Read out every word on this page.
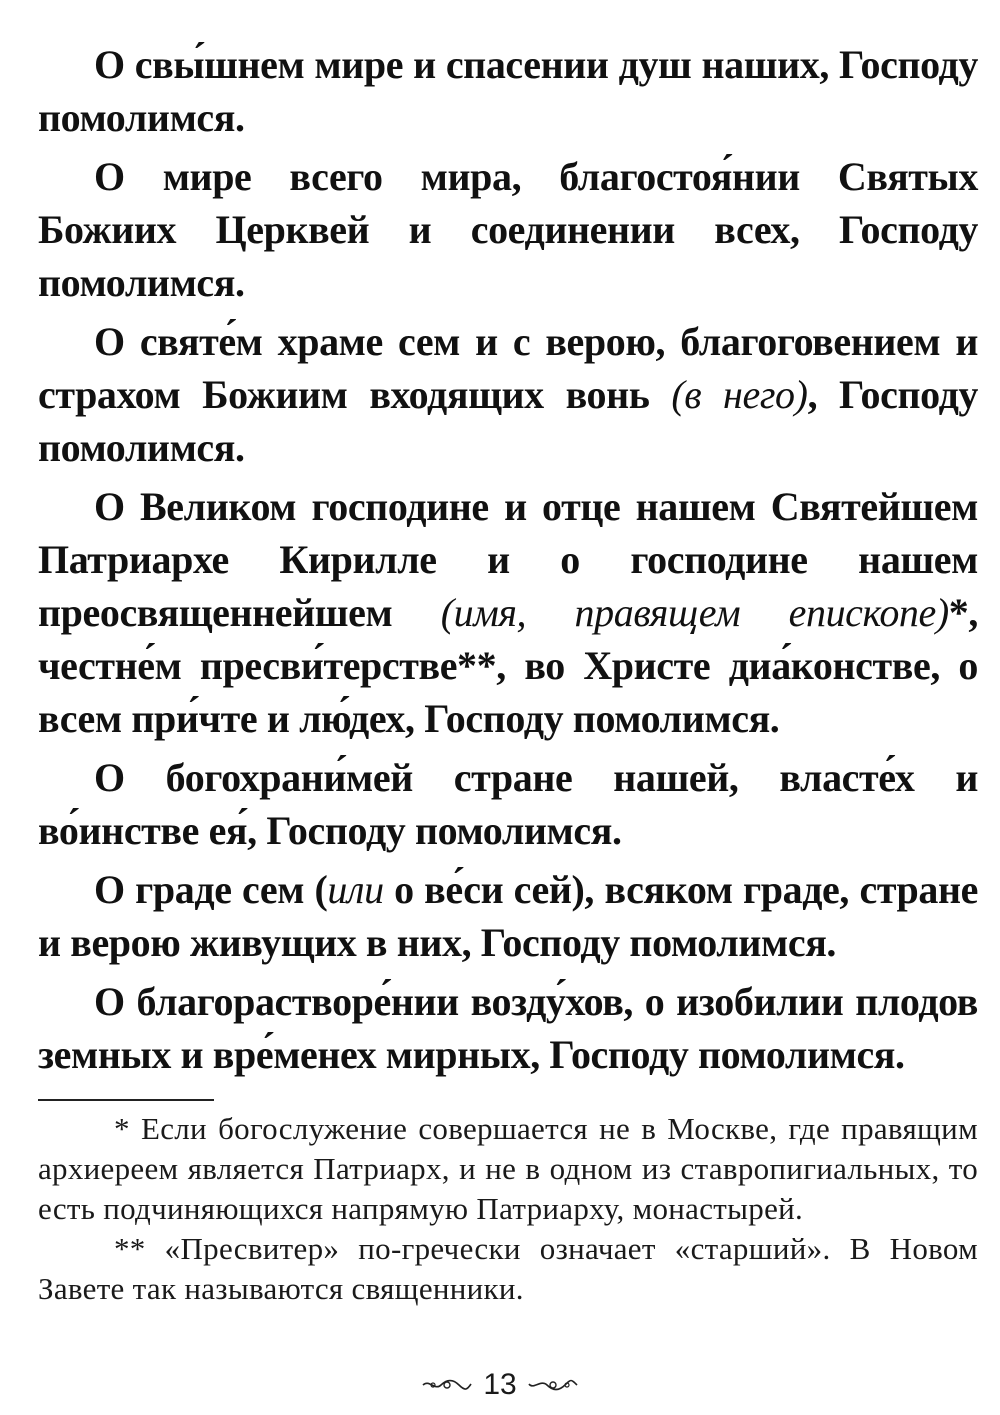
О свы́шнем мире и спасении душ наших, Господу помолимся.

О мире всего мира, благостоя́нии Святых Божиих Церквей и соединении всех, Господу помолимся.

О святе́м храме сем и с верою, благоговением и страхом Божиим входящих вонь (в него), Господу помолимся.

О Великом господине и отце нашем Святейшем Патриархе Кирилле и о господине нашем преосвященнейшем (имя, правящем епископе)*, честне́м пресви́терстве**, во Христе диа́констве, о всем при́чте и лю́дех, Господу помолимся.

О богохрани́мей стране нашей, власте́х и во́инстве ея́, Господу помолимся.

О граде сем (или о ве́си сей), всяком граде, стране и верою живущих в них, Господу помолимся.

О благораствоpе́нии возду́хов, о изобилии плодов земных и вре́менех мирных, Господу помолимся.

* Если богослужение совершается не в Москве, где правящим архиереем является Патриарх, и не в одном из ставропигиальных, то есть подчиняющихся напрямую Патриарху, монастырей.

** «Пресвитер» по-гречески означает «старший». В Новом Завете так называются священники.

13
